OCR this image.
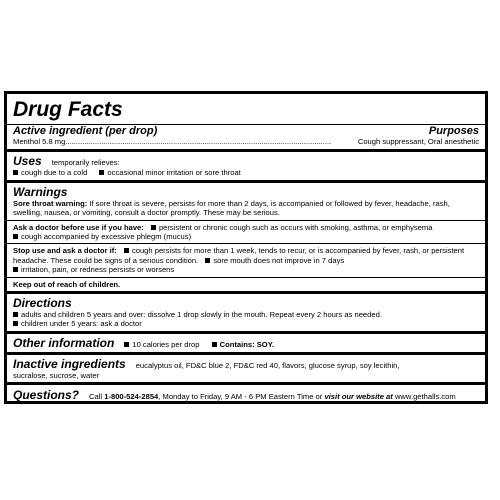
Drug Facts
Active ingredient (per drop)	Purposes
Menthol 5.8 mg ..............................................................................................................................	Cough suppressant, Oral anesthetic
Uses temporarily relieves:
cough due to a cold	occasional minor irritation or sore throat
Warnings
Sore throat warning: If sore throat is severe, persists for more than 2 days, is accompanied or followed by fever, headache, rash, swelling, nausea, or vomiting, consult a doctor promptly. These may be serious.
Ask a doctor before use if you have: persistent or chronic cough such as occurs with smoking, asthma, or emphysema
cough accompanied by excessive phlegm (mucus)
Stop use and ask a doctor if: cough persists for more than 1 week, tends to recur, or is accompanied by fever, rash, or persistent headache. These could be signs of a serious condition. sore mouth does not improve in 7 days
irritation, pain, or redness persists or worsens
Keep out of reach of children.
Directions
adults and children 5 years and over: dissolve 1 drop slowly in the mouth. Repeat every 2 hours as needed.
children under 5 years: ask a doctor
Other information	10 calories per drop	Contains: SOY.
Inactive ingredients eucalyptus oil, FD&C blue 2, FD&C red 40, flavors, glucose syrup, soy lecithin,
sucralose, sucrose, water
Questions? Call 1-800-524-2854, Monday to Friday, 9 AM - 6 PM Eastern Time or visit our website at www.gethalls.com
